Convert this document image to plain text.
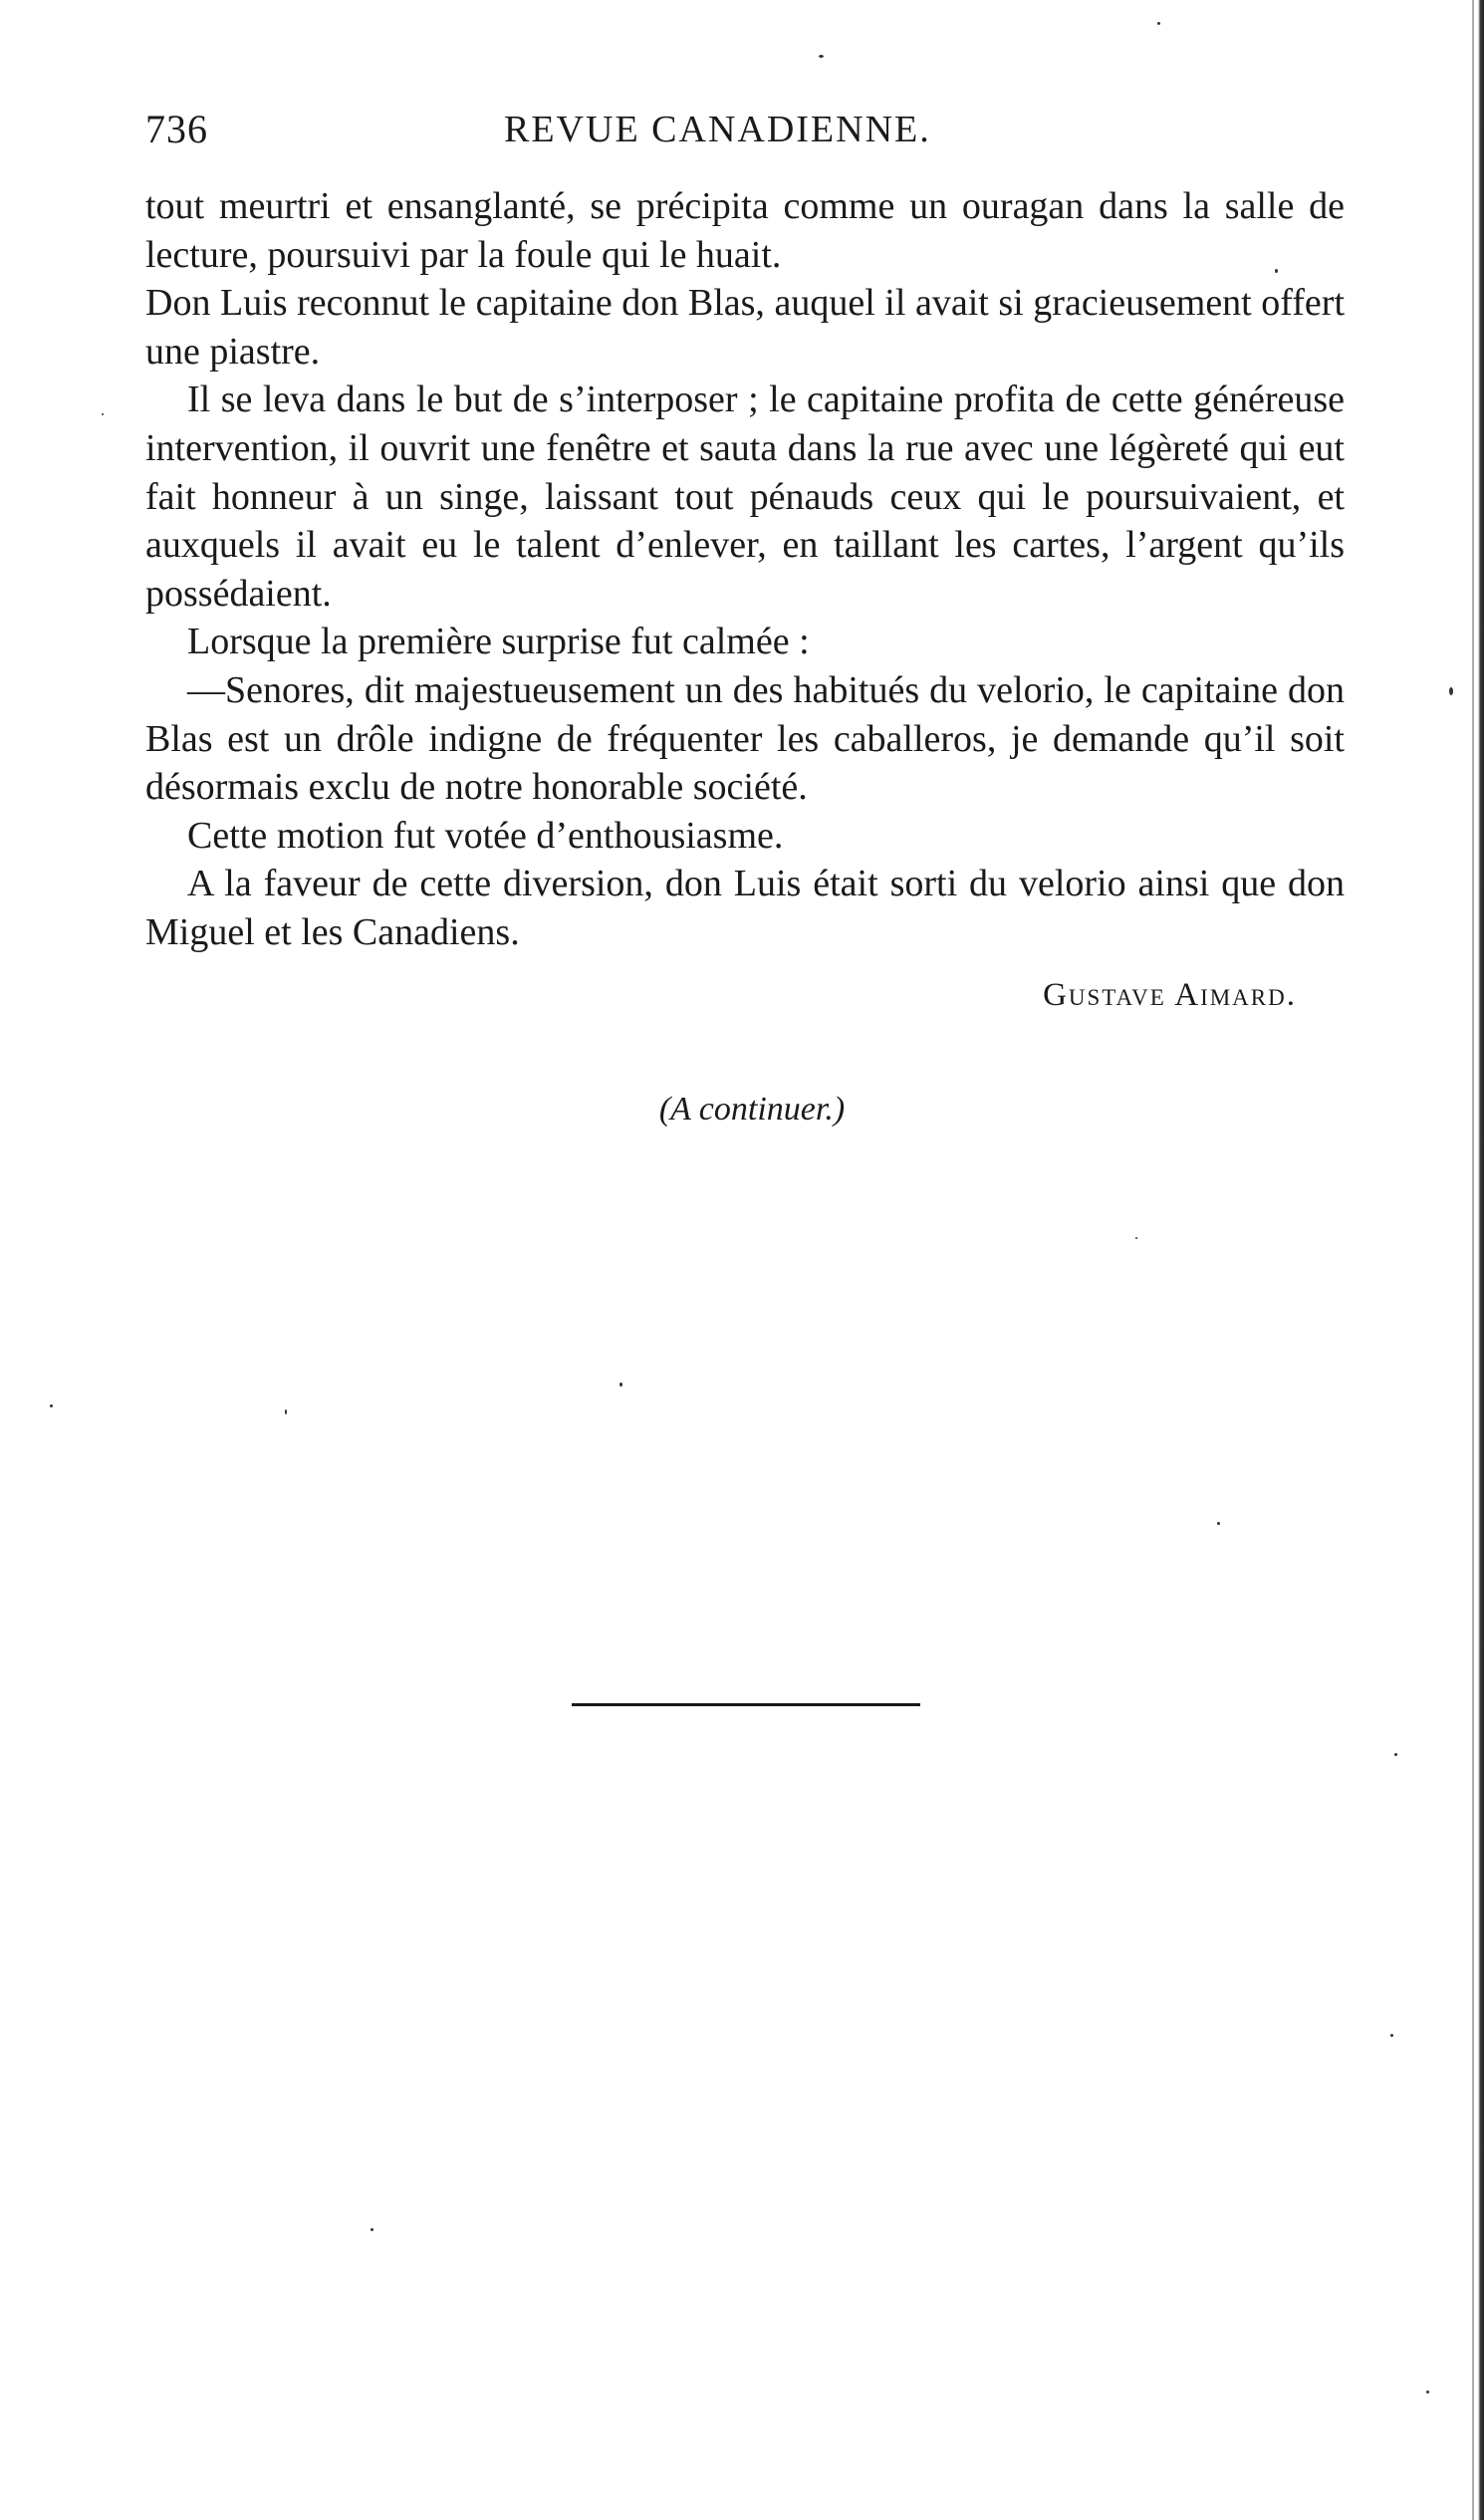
736	REVUE CANADIENNE.

tout meurtri et ensanglanté, se précipita comme un ouragan dans la salle de lecture, poursuivi par la foule qui le huait.

Don Luis reconnut le capitaine don Blas, auquel il avait si gracieusement offert une piastre.

Il se leva dans le but de s’interposer ; le capitaine profita de cette généreuse intervention, il ouvrit une fenêtre et sauta dans la rue avec une légèreté qui eut fait honneur à un singe, laissant tout pénauds ceux qui le poursuivaient, et auxquels il avait eu le talent d’enlever, en taillant les cartes, l’argent qu’ils possédaient.

Lorsque la première surprise fut calmée :

—Senores, dit majestueusement un des habitués du velorio, le capitaine don Blas est un drôle indigne de fréquenter les caballeros, je demande qu’il soit désormais exclu de notre honorable société.

Cette motion fut votée d’enthousiasme.

A la faveur de cette diversion, don Luis était sorti du velorio ainsi que don Miguel et les Canadiens.

Gustave Aimard.
(A continuer.)
